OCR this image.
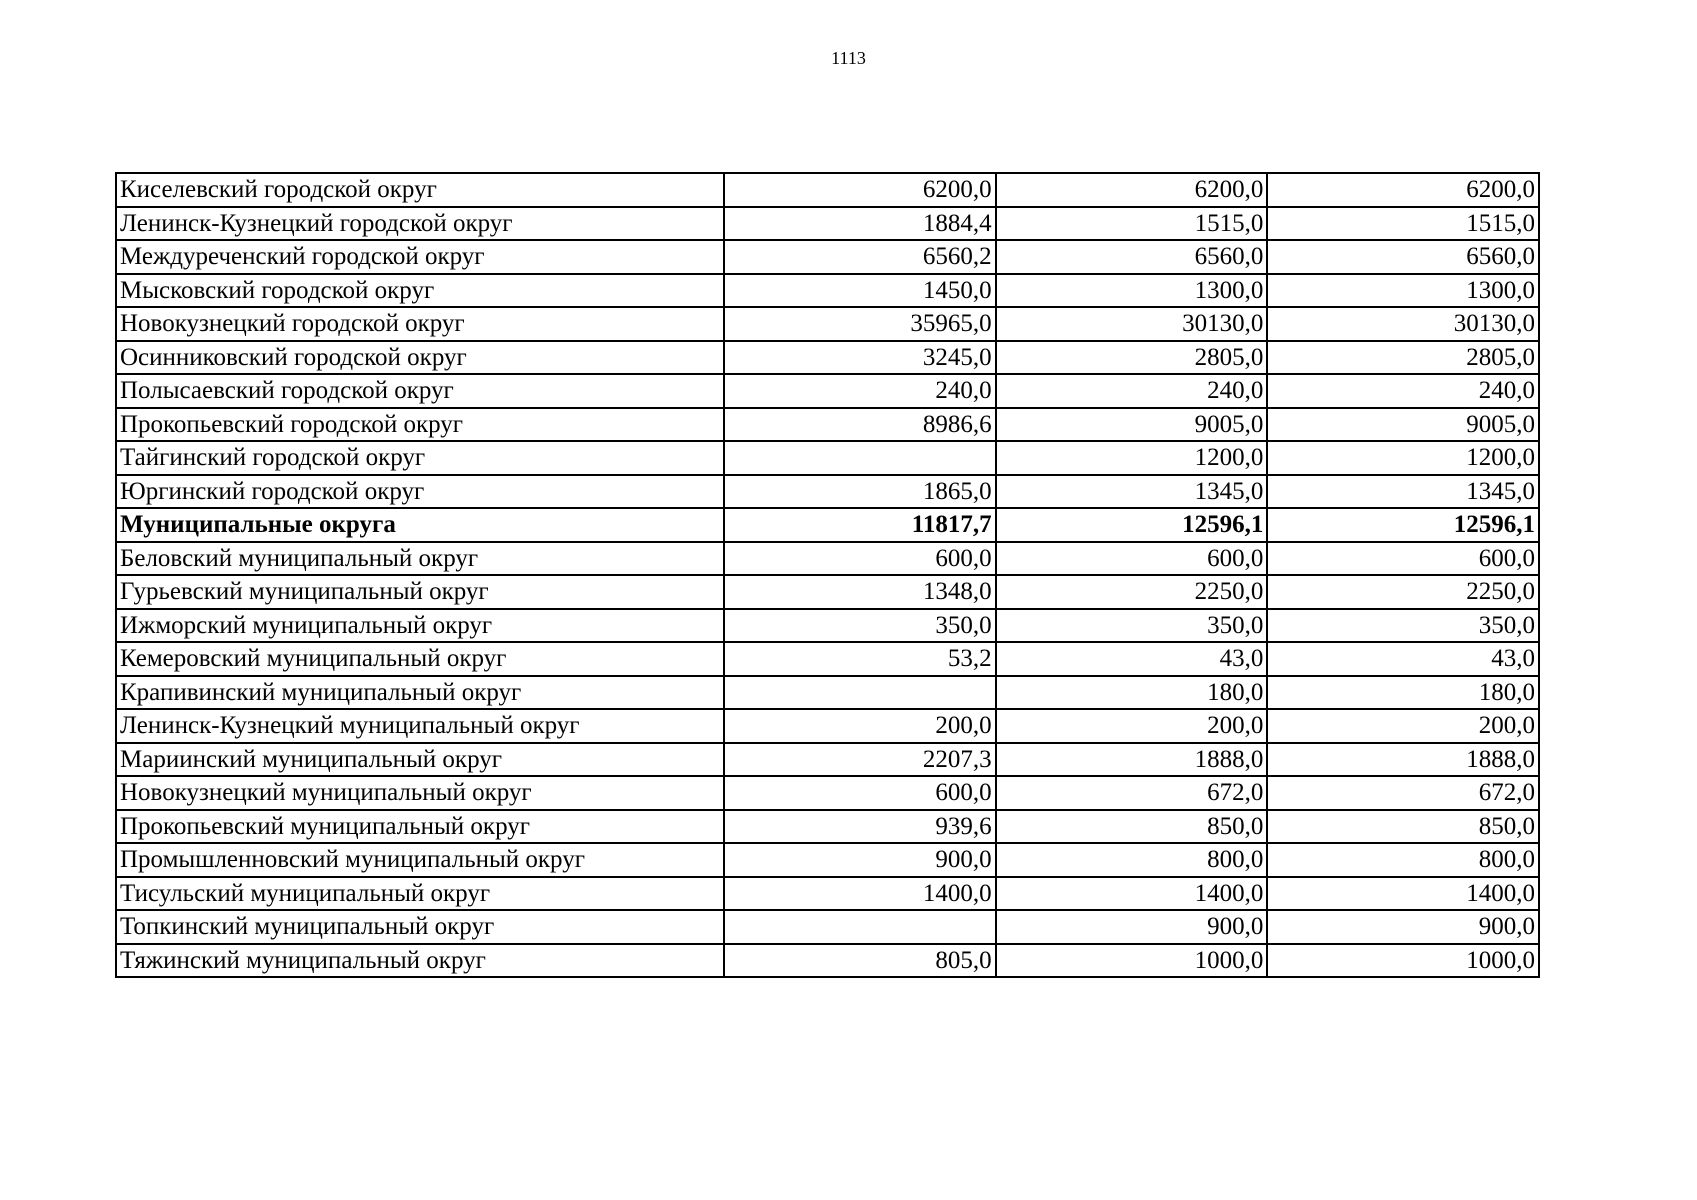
1113
Киселевский городской округ	6200,0	6200,0	6200,0
Ленинск-Кузнецкий городской округ	1884,4	1515,0	1515,0
Междуреченский городской округ	6560,2	6560,0	6560,0
Мысковский городской округ	1450,0	1300,0	1300,0
Новокузнецкий городской округ	35965,0	30130,0	30130,0
Осинниковский городской округ	3245,0	2805,0	2805,0
Полысаевский городской округ	240,0	240,0	240,0
Прокопьевский городской округ	8986,6	9005,0	9005,0
Тайгинский городской округ		1200,0	1200,0
Юргинский городской округ	1865,0	1345,0	1345,0
Муниципальные округа	11817,7	12596,1	12596,1
Беловский муниципальный округ	600,0	600,0	600,0
Гурьевский муниципальный округ	1348,0	2250,0	2250,0
Ижморский муниципальный округ	350,0	350,0	350,0
Кемеровский муниципальный округ	53,2	43,0	43,0
Крапивинский муниципальный округ		180,0	180,0
Ленинск-Кузнецкий муниципальный округ	200,0	200,0	200,0
Мариинский муниципальный округ	2207,3	1888,0	1888,0
Новокузнецкий муниципальный округ	600,0	672,0	672,0
Прокопьевский муниципальный округ	939,6	850,0	850,0
Промышленновский муниципальный округ	900,0	800,0	800,0
Тисульский муниципальный округ	1400,0	1400,0	1400,0
Топкинский муниципальный округ		900,0	900,0
Тяжинский муниципальный округ	805,0	1000,0	1000,0
